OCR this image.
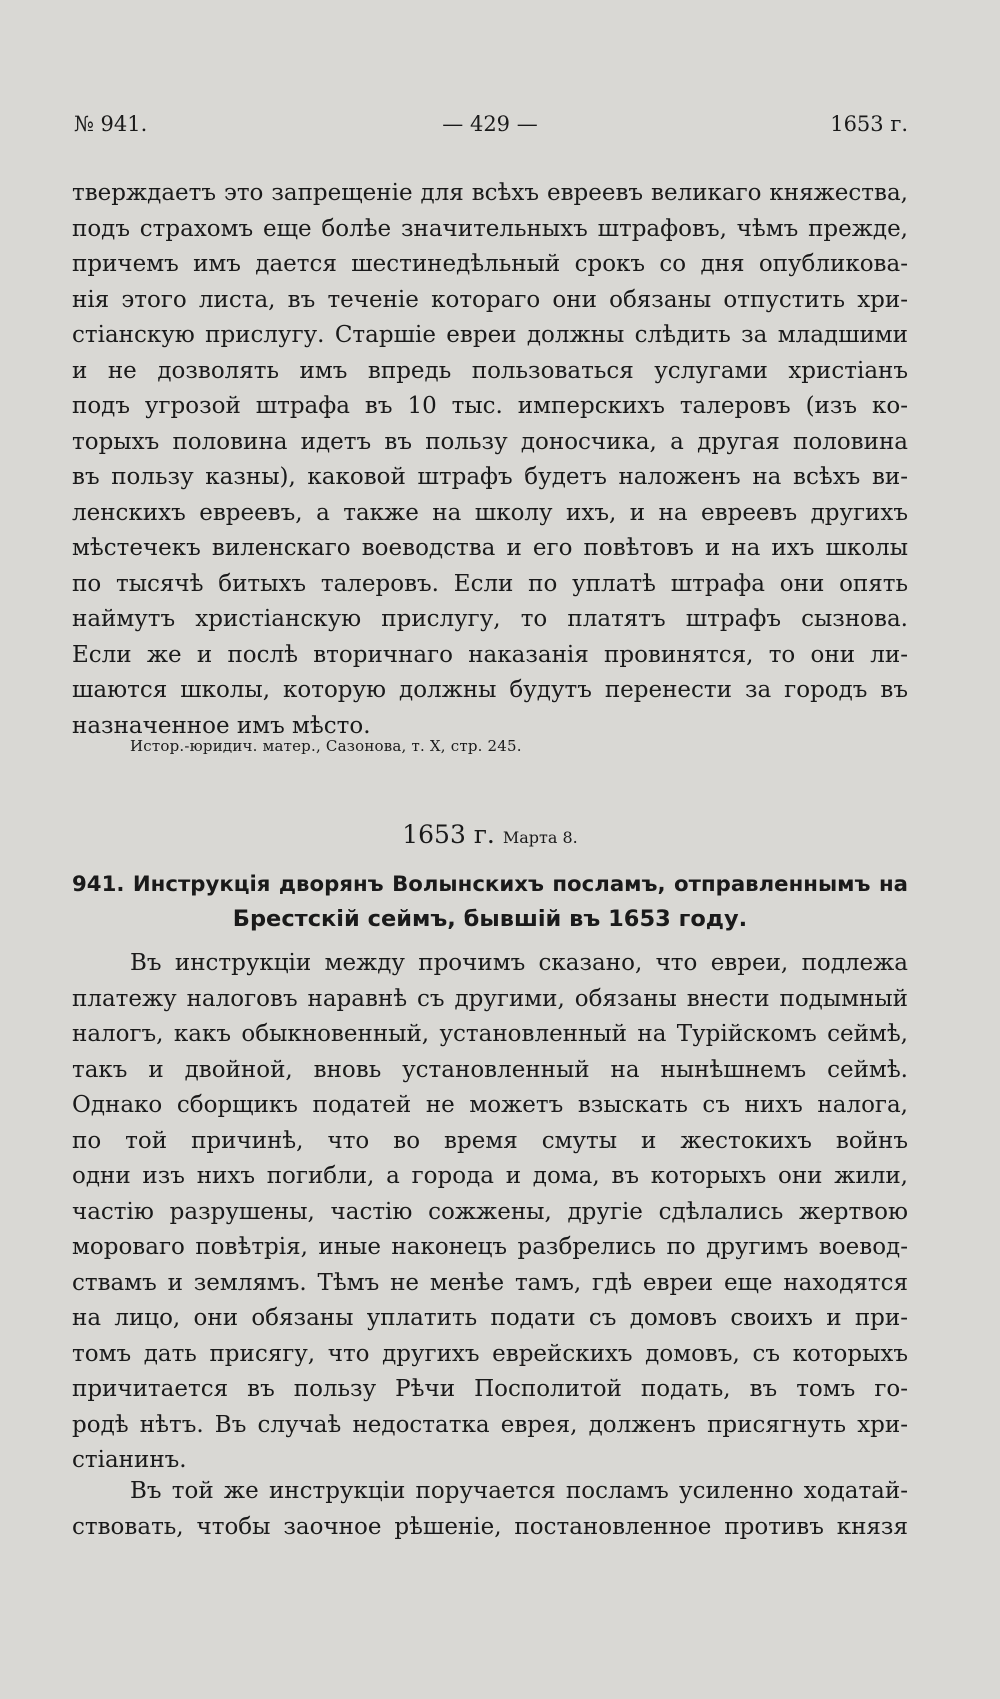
№ 941.	— 429 —	1653 г.
тверждаетъ это запрещеніе для всѣхъ евреевъ великаго княжества,
подъ страхомъ еще болѣе значительныхъ штрафовъ, чѣмъ прежде,
причемъ имъ дается шестинедѣльный срокъ со дня опубликова-
нія этого листа, въ теченіе котораго они обязаны отпустить хри-
стіанскую прислугу. Старшіе евреи должны слѣдить за младшими
и не дозволять имъ впредь пользоваться услугами христіанъ
подъ угрозой штрафа въ 10 тыс. имперскихъ талеровъ (изъ ко-
торыхъ половина идетъ въ пользу доносчика, а другая половина
въ пользу казны), каковой штрафъ будетъ наложенъ на всѣхъ ви-
ленскихъ евреевъ, а также на школу ихъ, и на евреевъ другихъ
мѣстечекъ виленскаго воеводства и его повѣтовъ и на ихъ школы
по тысячѣ битыхъ талеровъ. Если по уплатѣ штрафа они опять
наймутъ христіанскую прислугу, то платятъ штрафъ сызнова.
Если же и послѣ вторичнаго наказанія провинятся, то они ли-
шаются школы, которую должны будутъ перенести за городъ въ
назначенное имъ мѣсто.
Истор.-юридич. матер., Сазонова, т. X, стр. 245.
1653 г. Марта 8.
941. Инструкція дворянъ Волынскихъ посламъ, отправленнымъ на
Брестскій сеймъ, бывшій въ 1653 году.
Въ инструкціи между прочимъ сказано, что евреи, подлежа
платежу налоговъ наравнѣ съ другими, обязаны внести подымный
налогъ, какъ обыкновенный, установленный на Турійскомъ сеймѣ,
такъ и двойной, вновь установленный на нынѣшнемъ сеймѣ.
Однако сборщикъ податей не можетъ взыскать съ нихъ налога,
по той причинѣ, что во время смуты и жестокихъ войнъ
одни изъ нихъ погибли, а города и дома, въ которыхъ они жили,
частію разрушены, частію сожжены, другіе сдѣлались жертвою
мороваго повѣтрія, иные наконецъ разбрелись по другимъ воевод-
ствамъ и землямъ. Тѣмъ не менѣе тамъ, гдѣ евреи еще находятся
на лицо, они обязаны уплатить подати съ домовъ своихъ и при-
томъ дать присягу, что другихъ еврейскихъ домовъ, съ которыхъ
причитается въ пользу Рѣчи Посполитой подать, въ томъ го-
родѣ нѣтъ. Въ случаѣ недостатка еврея, долженъ присягнуть хри-
стіанинъ.
Въ той же инструкціи поручается посламъ усиленно ходатай-
ствовать, чтобы заочное рѣшеніе, постановленное противъ князя
